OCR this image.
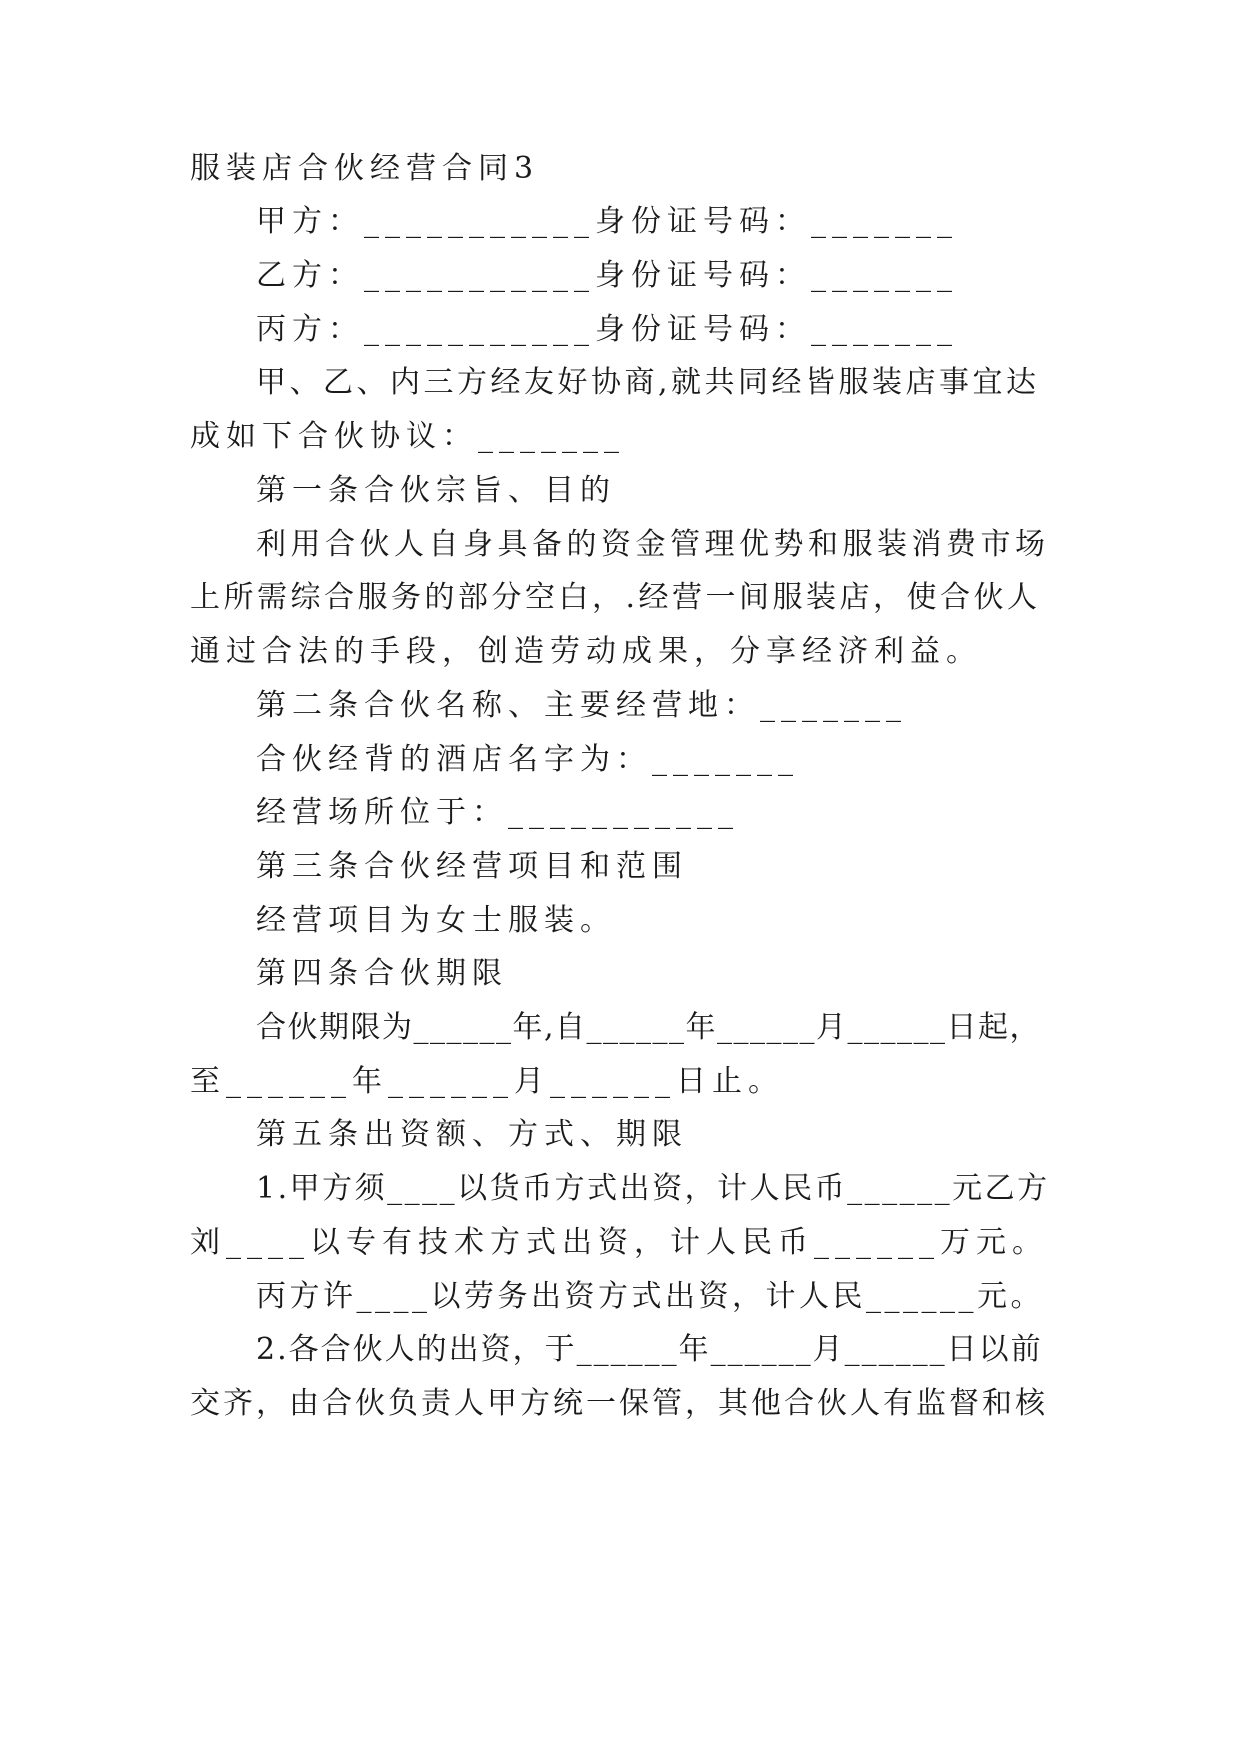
服装店合伙经营合同3

甲方：___________身份证号码：_______

乙方：___________身份证号码：_______

丙方：___________身份证号码：_______

甲、乙、内三方经友好协商,就共同经皆服装店事宜达

成如下合伙协议：_______

第一条合伙宗旨、目的

利用合伙人自身具备的资金管理优势和服装消费市场

上所需综合服务的部分空白，.经营一间服装店，使合伙人

通过合法的手段，创造劳动成果，分享经济利益。

第二条合伙名称、主要经营地：_______

合伙经背的酒店名字为：_______

经营场所位于：___________

第三条合伙经营项目和范围

经营项目为女士服装。

第四条合伙期限

合伙期限为______年,自______年______月______日起，

至______年______月______日止。

第五条出资额、方式、期限

1.甲方须____以货币方式出资，计人民币______元乙方

刘____以专有技术方式出资，计人民币______万元。

丙方许____以劳务出资方式出资，计人民______元。

2.各合伙人的出资，于______年______月______日以前

交齐，由合伙负责人甲方统一保管，其他合伙人有监督和核
